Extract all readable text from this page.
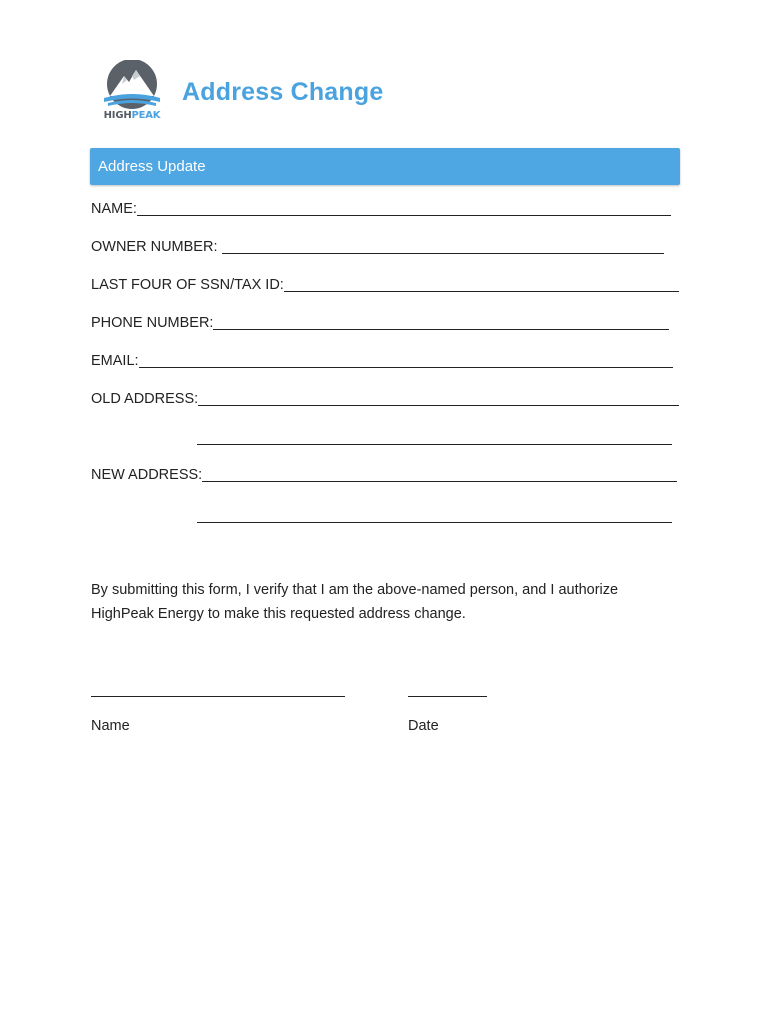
HIGHPEAK
Address Change
Address Update
NAME:
OWNER NUMBER:
LAST FOUR OF SSN/TAX ID:
PHONE NUMBER:
EMAIL:
OLD ADDRESS:
NEW ADDRESS:
By submitting this form, I verify that I am the above-named person, and I authorize HighPeak Energy to make this requested address change.
Name	Date
